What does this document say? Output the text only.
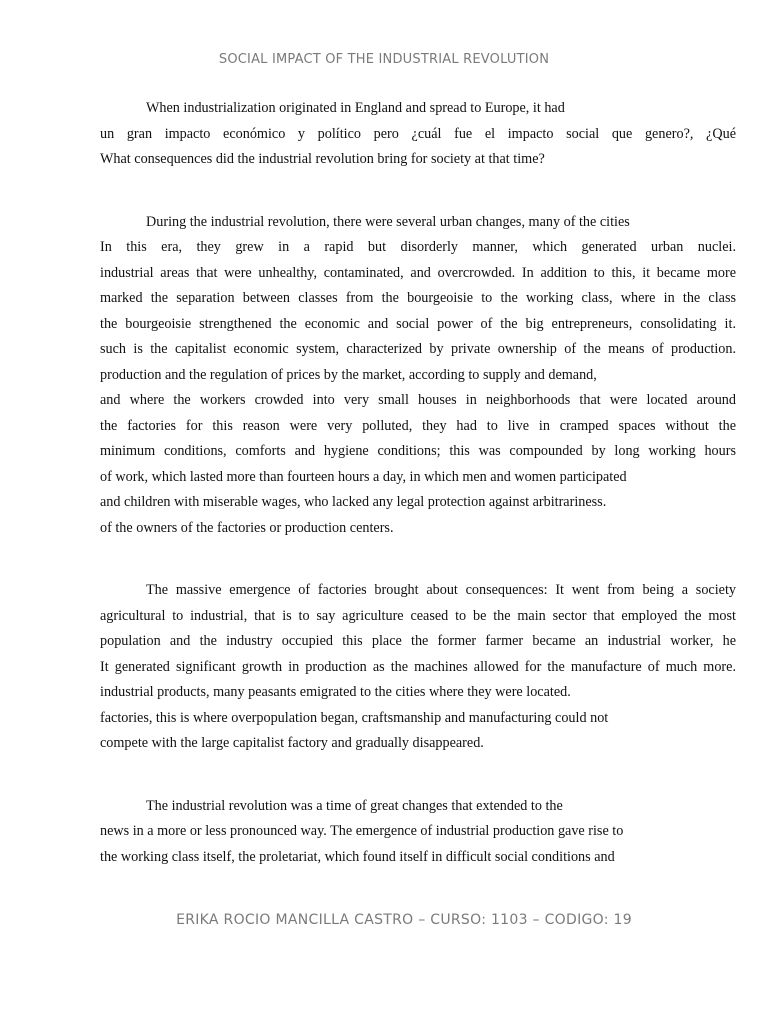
SOCIAL IMPACT OF THE INDUSTRIAL REVOLUTION

When industrialization originated in England and spread to Europe, it had
un gran impacto económico y político pero ¿cuál fue el impacto social que genero?, ¿Qué
What consequences did the industrial revolution bring for society at that time?

During the industrial revolution, there were several urban changes, many of the cities
In this era, they grew in a rapid but disorderly manner, which generated urban nuclei.
industrial areas that were unhealthy, contaminated, and overcrowded. In addition to this, it became more
marked the separation between classes from the bourgeoisie to the working class, where in the class
the bourgeoisie strengthened the economic and social power of the big entrepreneurs, consolidating it.
such is the capitalist economic system, characterized by private ownership of the means of production.
production and the regulation of prices by the market, according to supply and demand,
and where the workers crowded into very small houses in neighborhoods that were located around
the factories for this reason were very polluted, they had to live in cramped spaces without the
minimum conditions, comforts and hygiene conditions; this was compounded by long working hours
of work, which lasted more than fourteen hours a day, in which men and women participated
and children with miserable wages, who lacked any legal protection against arbitrariness.
of the owners of the factories or production centers.

The massive emergence of factories brought about consequences: It went from being a society
agricultural to industrial, that is to say agriculture ceased to be the main sector that employed the most
population and the industry occupied this place the former farmer became an industrial worker, he
It generated significant growth in production as the machines allowed for the manufacture of much more.
industrial products, many peasants emigrated to the cities where they were located.
factories, this is where overpopulation began, craftsmanship and manufacturing could not
compete with the large capitalist factory and gradually disappeared.

The industrial revolution was a time of great changes that extended to the
news in a more or less pronounced way. The emergence of industrial production gave rise to
the working class itself, the proletariat, which found itself in difficult social conditions and

ERIKA ROCIO MANCILLA CASTRO – CURSO: 1103 – CODIGO: 19
